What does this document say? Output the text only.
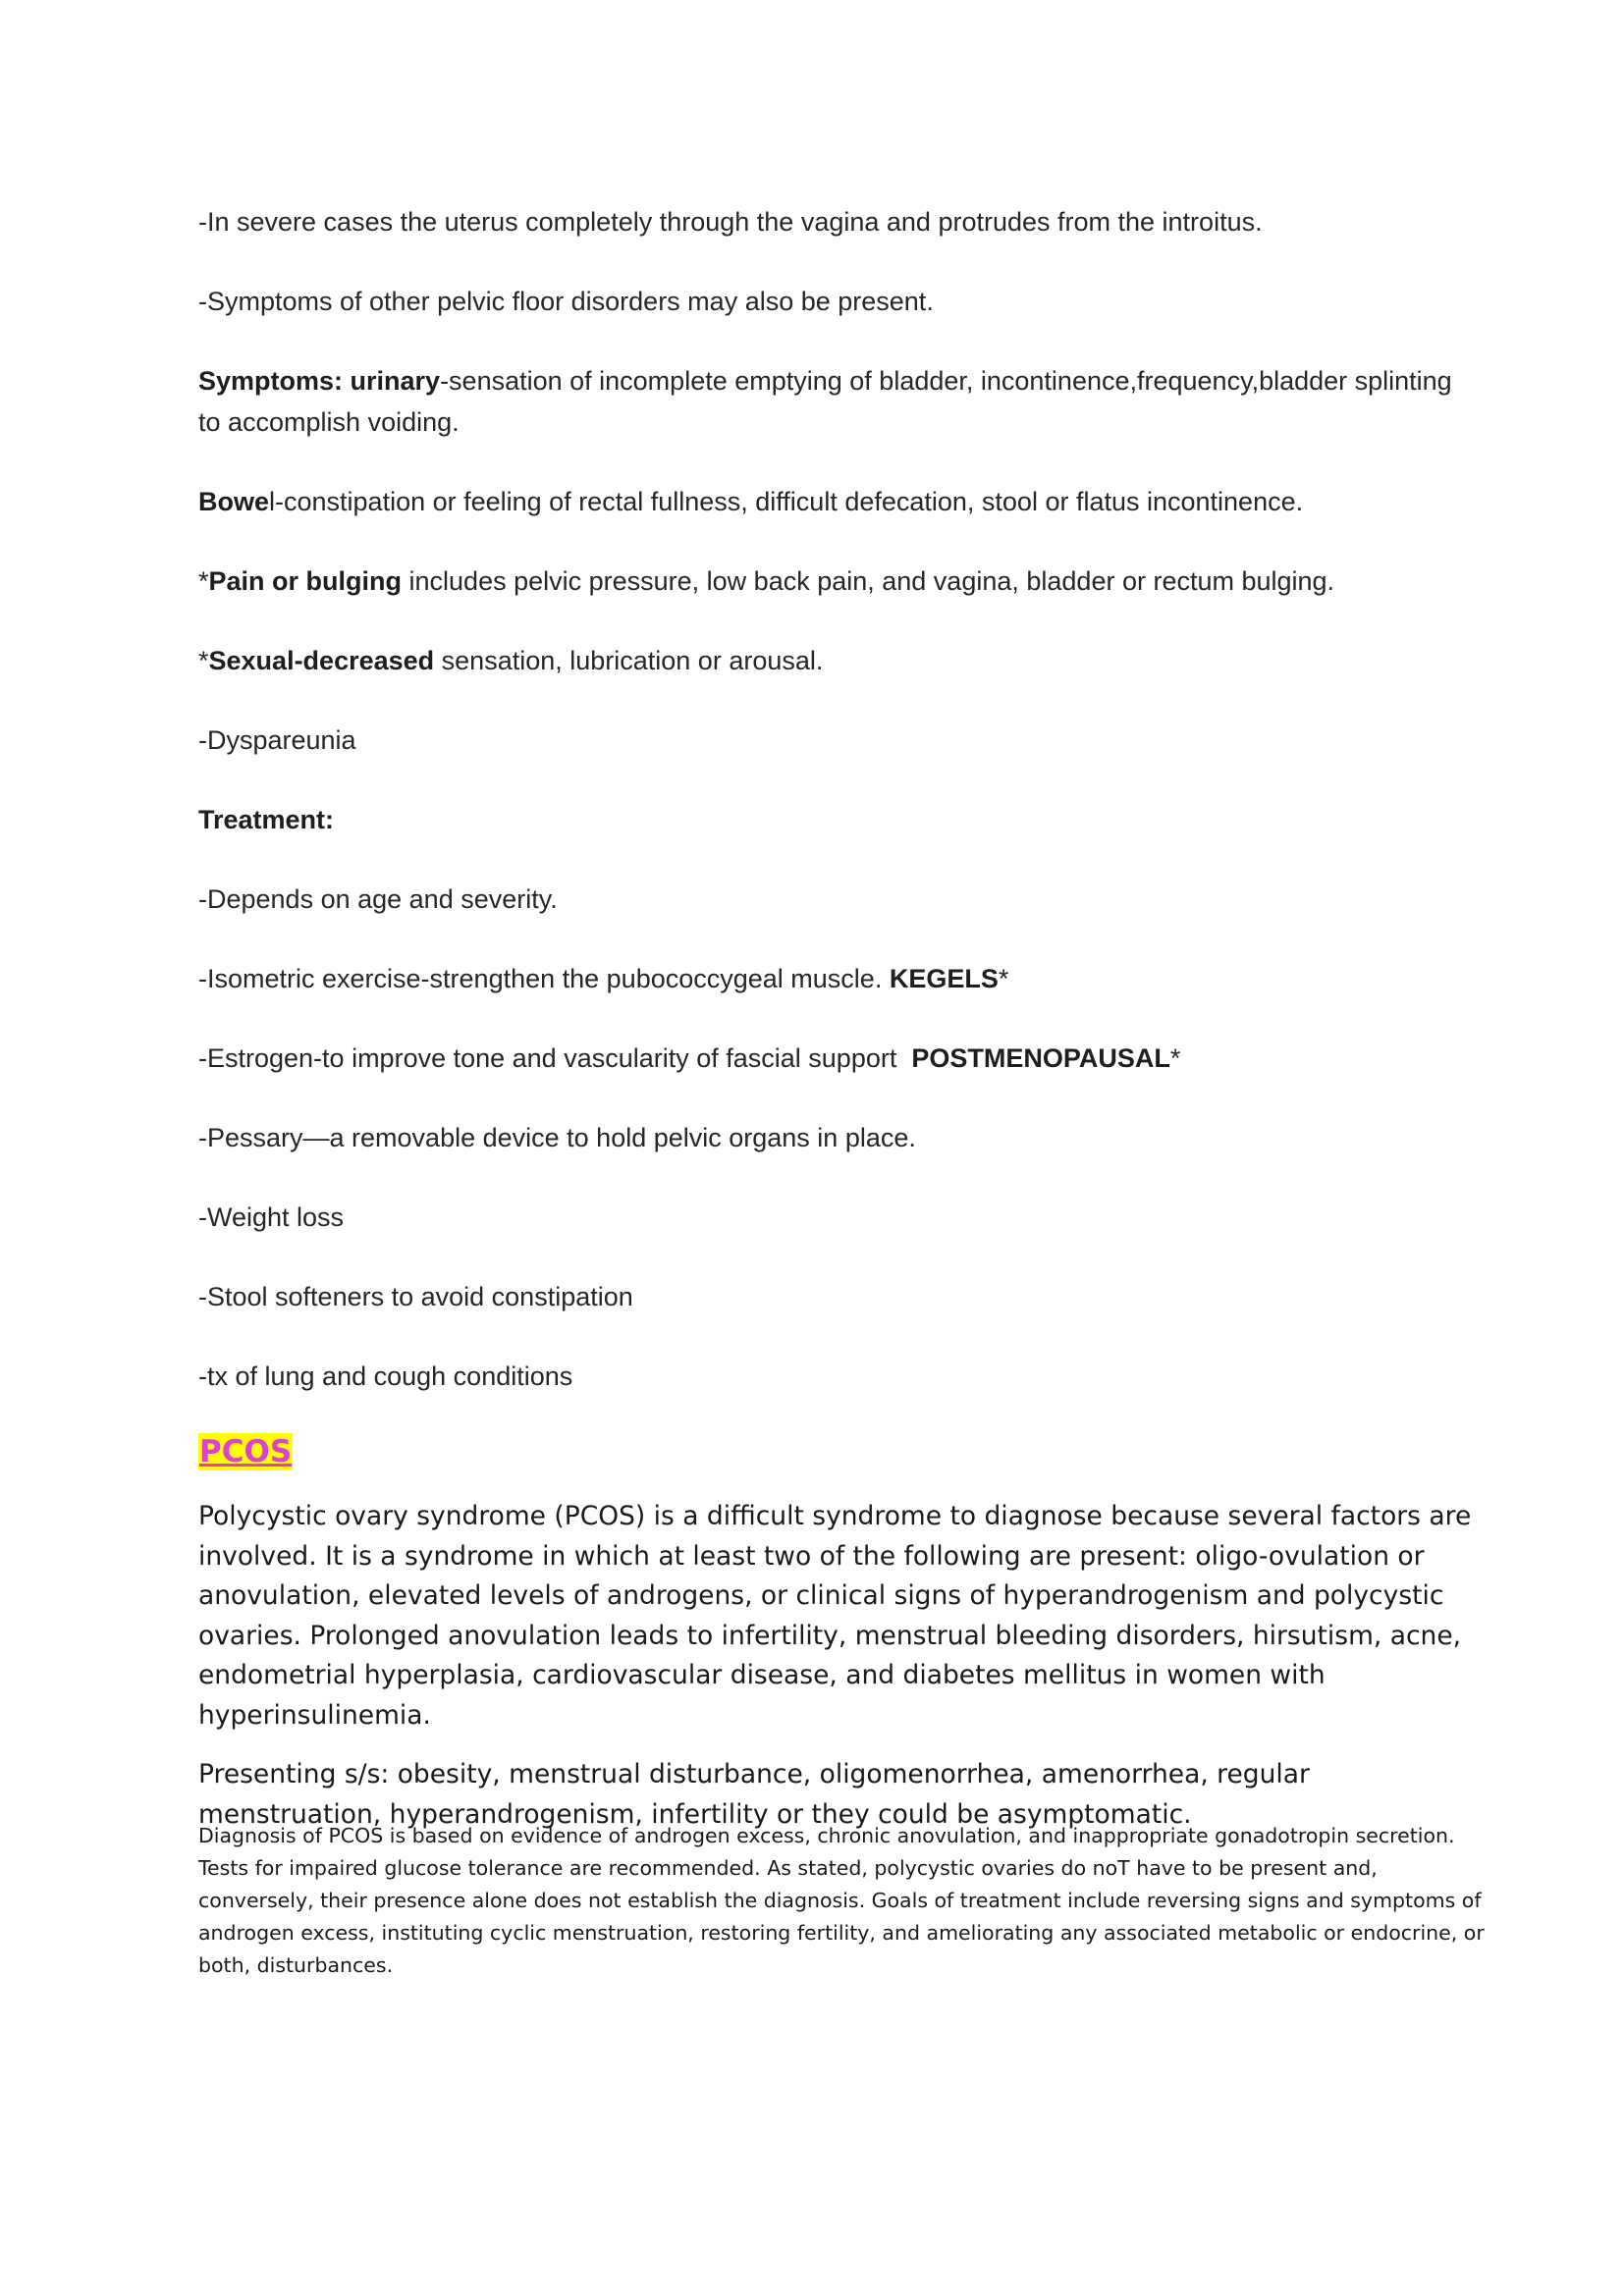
-In severe cases the uterus completely through the vagina and protrudes from the introitus.

-Symptoms of other pelvic floor disorders may also be present.

Symptoms: urinary-sensation of incomplete emptying of bladder, incontinence,frequency,bladder splinting to accomplish voiding.

Bowel-constipation or feeling of rectal fullness, difficult defecation, stool or flatus incontinence.

*Pain or bulging includes pelvic pressure, low back pain, and vagina, bladder or rectum bulging.

*Sexual-decreased sensation, lubrication or arousal.

-Dyspareunia

Treatment:

-Depends on age and severity.

-Isometric exercise-strengthen the pubococcygeal muscle. KEGELS*

-Estrogen-to improve tone and vascularity of fascial support  POSTMENOPAUSAL*

-Pessary—a removable device to hold pelvic organs in place.

-Weight loss

-Stool softeners to avoid constipation

-tx of lung and cough conditions

PCOS

Polycystic ovary syndrome (PCOS) is a difficult syndrome to diagnose because several factors are involved. It is a syndrome in which at least two of the following are present: oligo-ovulation or anovulation, elevated levels of androgens, or clinical signs of hyperandrogenism and polycystic ovaries. Prolonged anovulation leads to infertility, menstrual bleeding disorders, hirsutism, acne, endometrial hyperplasia, cardiovascular disease, and diabetes mellitus in women with hyperinsulinemia.

Presenting s/s: obesity, menstrual disturbance, oligomenorrhea, amenorrhea, regular menstruation, hyperandrogenism, infertility or they could be asymptomatic.

Diagnosis of PCOS is based on evidence of androgen excess, chronic anovulation, and inappropriate gonadotropin secretion. Tests for impaired glucose tolerance are recommended. As stated, polycystic ovaries do noT have to be present and, conversely, their presence alone does not establish the diagnosis. Goals of treatment include reversing signs and symptoms of androgen excess, instituting cyclic menstruation, restoring fertility, and ameliorating any associated metabolic or endocrine, or both, disturbances.
